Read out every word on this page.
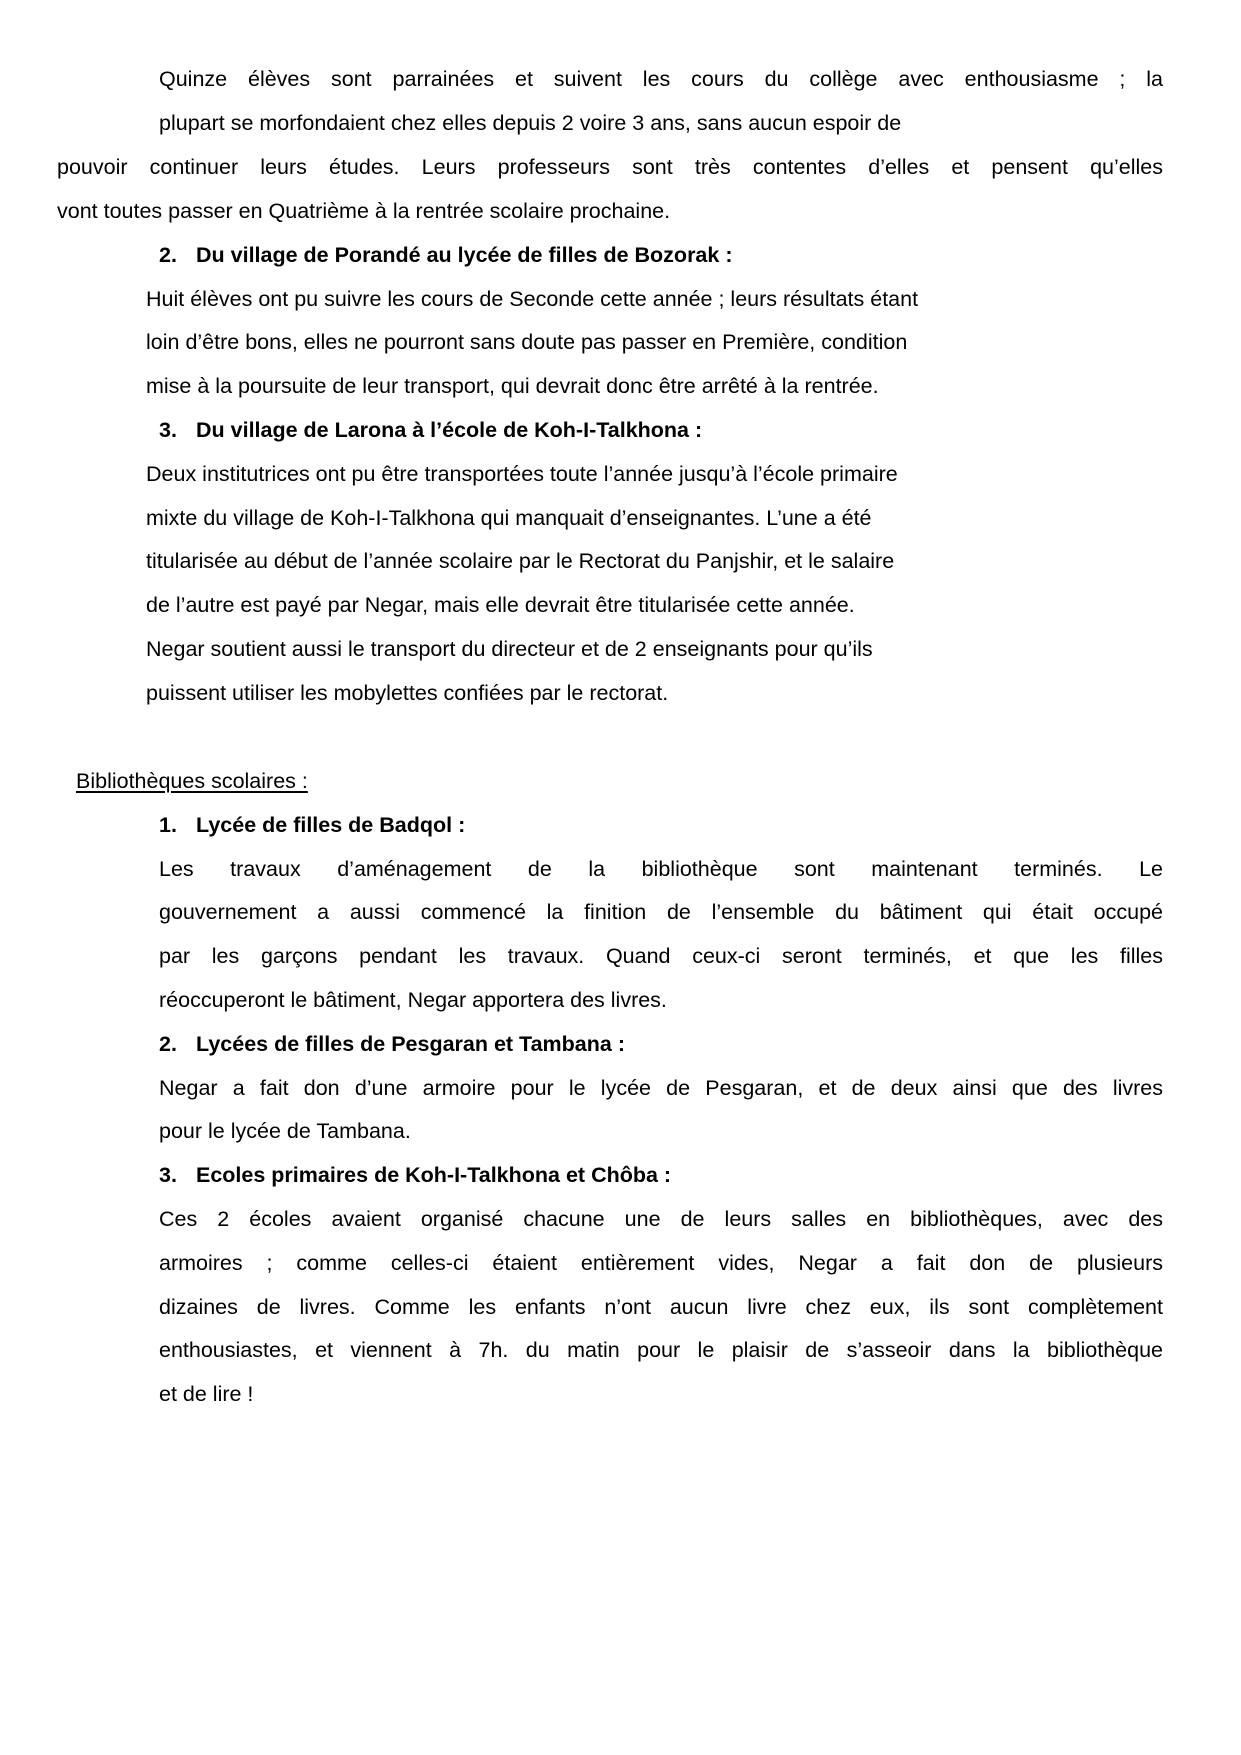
Quinze élèves sont parrainées et suivent les cours du collège avec enthousiasme ; la
plupart se morfondaient chez elles depuis 2 voire 3 ans, sans aucun espoir de
pouvoir continuer leurs études. Leurs professeurs sont très contentes d’elles et pensent qu’elles
vont toutes passer en Quatrième à la rentrée scolaire prochaine.
2. Du village de Porandé au lycée de filles de Bozorak :
Huit élèves ont pu suivre les cours de Seconde cette année ; leurs résultats étant
loin d’être bons, elles ne pourront sans doute pas passer en Première, condition
mise à la poursuite de leur transport, qui devrait donc être arrêté à la rentrée.
3. Du village de Larona à l’école de Koh-I-Talkhona :
Deux institutrices ont pu être transportées toute l’année jusqu’à l’école primaire
mixte du village de Koh-I-Talkhona qui manquait d’enseignantes. L’une a été
titularisée au début de l’année scolaire par le Rectorat du Panjshir, et le salaire
de l’autre est payé par Negar, mais elle devrait être titularisée cette année.
Negar soutient aussi le transport du directeur et de 2 enseignants pour qu’ils
puissent utiliser les mobylettes confiées par le rectorat.
Bibliothèques scolaires :
1. Lycée de filles de Badqol :
Les travaux d’aménagement de la bibliothèque sont maintenant terminés. Le
gouvernement a aussi commencé la finition de l’ensemble du bâtiment qui était occupé
par les garçons pendant les travaux. Quand ceux-ci seront terminés, et que les filles
réoccuperont le bâtiment, Negar apportera des livres.
2. Lycées de filles de Pesgaran et Tambana :
Negar a fait don d’une armoire pour le lycée de Pesgaran, et de deux ainsi que des livres
pour le lycée de Tambana.
3. Ecoles primaires de Koh-I-Talkhona et Chôba :
Ces 2 écoles avaient organisé chacune une de leurs salles en bibliothèques, avec des
armoires ; comme celles-ci étaient entièrement vides, Negar a fait don de plusieurs
dizaines de livres. Comme les enfants n’ont aucun livre chez eux, ils sont complètement
enthousiastes, et viennent à 7h. du matin pour le plaisir de s’asseoir dans la bibliothèque
et de lire !
